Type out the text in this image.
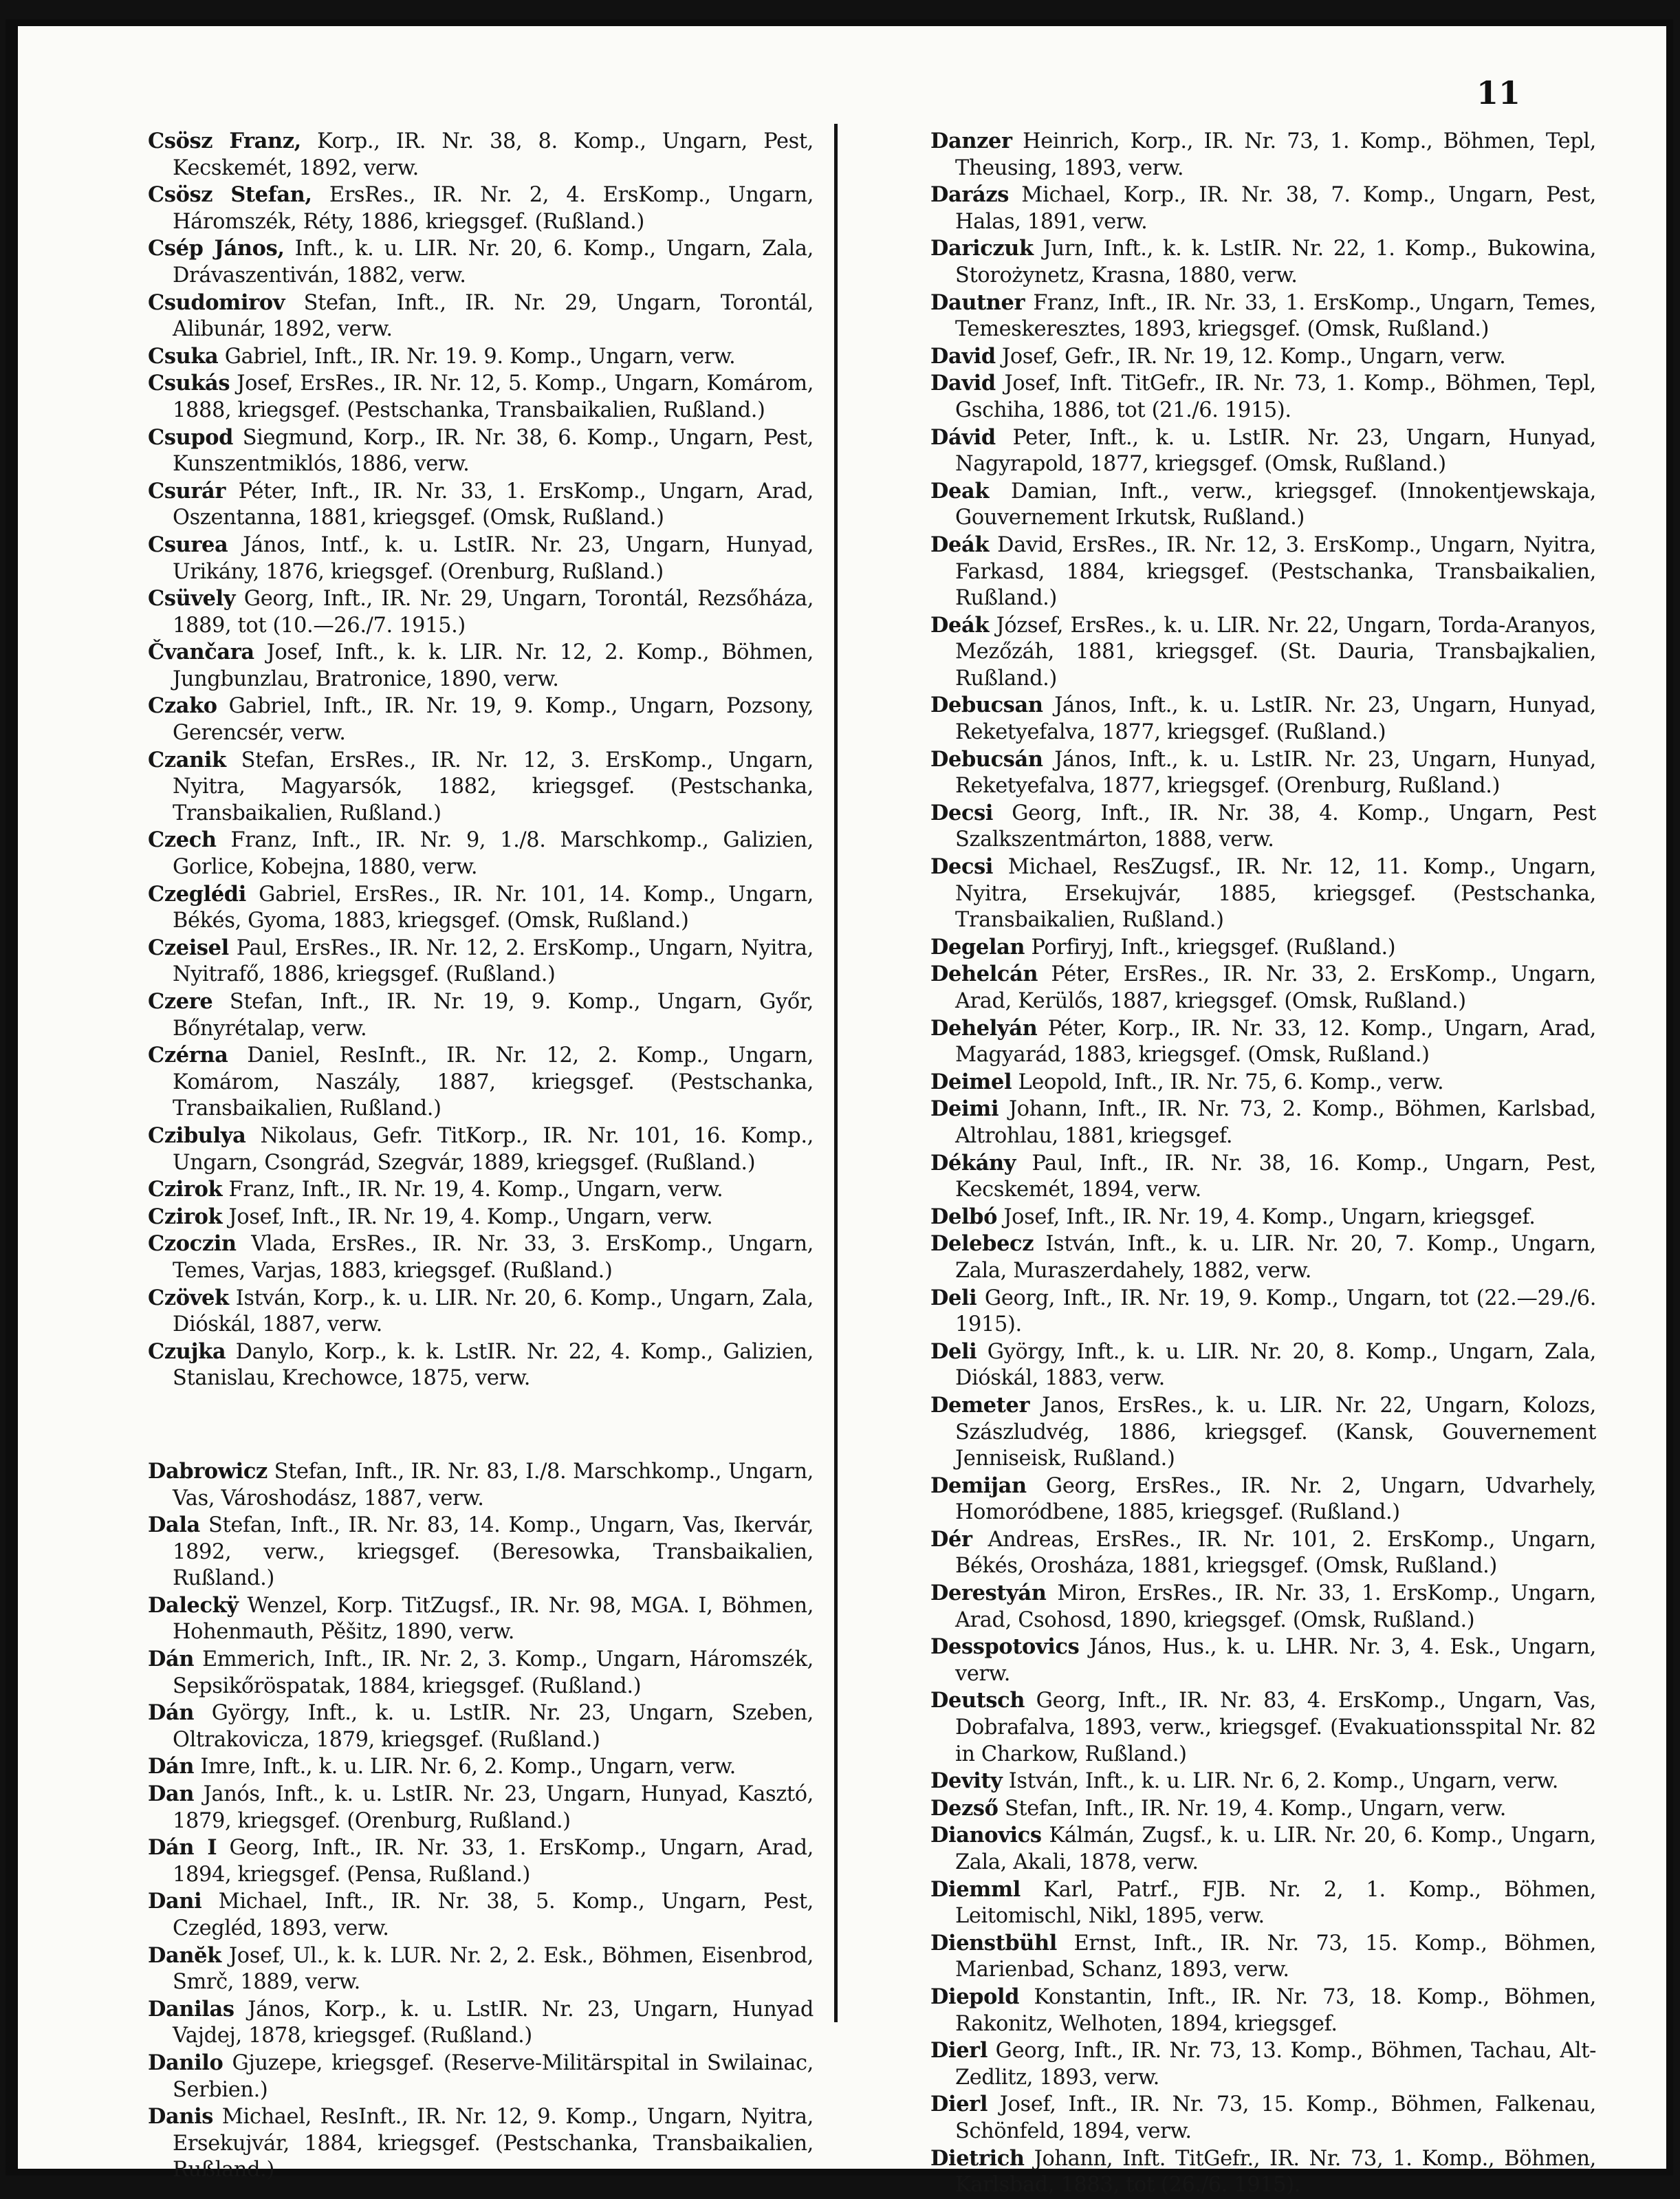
11

Csösz Franz, Korp., IR. Nr. 38, 8. Komp., Ungarn, Pest, Kecskemét, 1892, verw.

Csösz Stefan, ErsRes., IR. Nr. 2, 4. ErsKomp., Ungarn, Háromszék, Réty, 1886, kriegsgef. (Rußland.)

Csép János, Inft., k. u. LIR. Nr. 20, 6. Komp., Ungarn, Zala, Drávaszentiván, 1882, verw.

Csudomirov Stefan, Inft., IR. Nr. 29, Ungarn, Torontál, Alibunár, 1892, verw.

Csuka Gabriel, Inft., IR. Nr. 19. 9. Komp., Ungarn, verw.

Csukás Josef, ErsRes., IR. Nr. 12, 5. Komp., Ungarn, Komárom, 1888, kriegsgef. (Pestschanka, Transbaikalien, Rußland.)

Csupod Siegmund, Korp., IR. Nr. 38, 6. Komp., Ungarn, Pest, Kunszentmiklós, 1886, verw.

Csurár Péter, Inft., IR. Nr. 33, 1. ErsKomp., Ungarn, Arad, Oszentanna, 1881, kriegsgef. (Omsk, Rußland.)

Csurea János, Intf., k. u. LstIR. Nr. 23, Ungarn, Hunyad, Urikány, 1876, kriegsgef. (Orenburg, Rußland.)

Csüvely Georg, Inft., IR. Nr. 29, Ungarn, Torontál, Rezsőháza, 1889, tot (10.—26./7. 1915.)

Čvančara Josef, Inft., k. k. LIR. Nr. 12, 2. Komp., Böhmen, Jungbunzlau, Bratronice, 1890, verw.

Czako Gabriel, Inft., IR. Nr. 19, 9. Komp., Ungarn, Pozsony, Gerencsér, verw.

Czanik Stefan, ErsRes., IR. Nr. 12, 3. ErsKomp., Ungarn, Nyitra, Magyarsók, 1882, kriegsgef. (Pestschanka, Transbaikalien, Rußland.)

Czech Franz, Inft., IR. Nr. 9, 1./8. Marschkomp., Galizien, Gorlice, Kobejna, 1880, verw.

Czeglédi Gabriel, ErsRes., IR. Nr. 101, 14. Komp., Ungarn, Békés, Gyoma, 1883, kriegsgef. (Omsk, Rußland.)

Czeisel Paul, ErsRes., IR. Nr. 12, 2. ErsKomp., Ungarn, Nyitra, Nyitrafő, 1886, kriegsgef. (Rußland.)

Czere Stefan, Inft., IR. Nr. 19, 9. Komp., Ungarn, Győr, Bőnyrétalap, verw.

Czérna Daniel, ResInft., IR. Nr. 12, 2. Komp., Ungarn, Komárom, Naszály, 1887, kriegsgef. (Pestschanka, Transbaikalien, Rußland.)

Czibulya Nikolaus, Gefr. TitKorp., IR. Nr. 101, 16. Komp., Ungarn, Csongrád, Szegvár, 1889, kriegsgef. (Rußland.)

Czirok Franz, Inft., IR. Nr. 19, 4. Komp., Ungarn, verw.

Czirok Josef, Inft., IR. Nr. 19, 4. Komp., Ungarn, verw.

Czoczin Vlada, ErsRes., IR. Nr. 33, 3. ErsKomp., Ungarn, Temes, Varjas, 1883, kriegsgef. (Rußland.)

Czövek István, Korp., k. u. LIR. Nr. 20, 6. Komp., Ungarn, Zala, Dióskál, 1887, verw.

Czujka Danylo, Korp., k. k. LstIR. Nr. 22, 4. Komp., Galizien, Stanislau, Krechowce, 1875, verw.

Dabrowicz Stefan, Inft., IR. Nr. 83, I./8. Marschkomp., Ungarn, Vas, Városhodász, 1887, verw.

Dala Stefan, Inft., IR. Nr. 83, 14. Komp., Ungarn, Vas, Ikervár, 1892, verw., kriegsgef. (Beresowka, Transbaikalien, Rußland.)

Daleckÿ Wenzel, Korp. TitZugsf., IR. Nr. 98, MGA. I, Böhmen, Hohenmauth, Pěšitz, 1890, verw.

Dán Emmerich, Inft., IR. Nr. 2, 3. Komp., Ungarn, Háromszék, Sepsikőröspatak, 1884, kriegsgef. (Rußland.)

Dán György, Inft., k. u. LstIR. Nr. 23, Ungarn, Szeben, Oltrakovicza, 1879, kriegsgef. (Rußland.)

Dán Imre, Inft., k. u. LIR. Nr. 6, 2. Komp., Ungarn, verw.

Dan Janós, Inft., k. u. LstIR. Nr. 23, Ungarn, Hunyad, Kasztó, 1879, kriegsgef. (Orenburg, Rußland.)

Dán I Georg, Inft., IR. Nr. 33, 1. ErsKomp., Ungarn, Arad, 1894, kriegsgef. (Pensa, Rußland.)

Dani Michael, Inft., IR. Nr. 38, 5. Komp., Ungarn, Pest, Czegléd, 1893, verw.

Danĕk Josef, Ul., k. k. LUR. Nr. 2, 2. Esk., Böhmen, Eisenbrod, Smrč, 1889, verw.

Danilas János, Korp., k. u. LstIR. Nr. 23, Ungarn, Hunyad Vajdej, 1878, kriegsgef. (Rußland.)

Danilo Gjuzepe, kriegsgef. (Reserve-Militärspital in Swilainac, Serbien.)

Danis Michael, ResInft., IR. Nr. 12, 9. Komp., Ungarn, Nyitra, Ersekujvár, 1884, kriegsgef. (Pestschanka, Transbaikalien, Rußland.)

Danzer Heinrich, Korp., IR. Nr. 73, 1. Komp., Böhmen, Tepl, Theusing, 1893, verw.

Darázs Michael, Korp., IR. Nr. 38, 7. Komp., Ungarn, Pest, Halas, 1891, verw.

Dariczuk Jurn, Inft., k. k. LstIR. Nr. 22, 1. Komp., Bukowina, Storożynetz, Krasna, 1880, verw.

Dautner Franz, Inft., IR. Nr. 33, 1. ErsKomp., Ungarn, Temes, Temeskeresztes, 1893, kriegsgef. (Omsk, Rußland.)

David Josef, Gefr., IR. Nr. 19, 12. Komp., Ungarn, verw.

David Josef, Inft. TitGefr., IR. Nr. 73, 1. Komp., Böhmen, Tepl, Gschiha, 1886, tot (21./6. 1915).

Dávid Peter, Inft., k. u. LstIR. Nr. 23, Ungarn, Hunyad, Nagyrapold, 1877, kriegsgef. (Omsk, Rußland.)

Deak Damian, Inft., verw., kriegsgef. (Innokentjewskaja, Gouvernement Irkutsk, Rußland.)

Deák David, ErsRes., IR. Nr. 12, 3. ErsKomp., Ungarn, Nyitra, Farkasd, 1884, kriegsgef. (Pestschanka, Transbaikalien, Rußland.)

Deák József, ErsRes., k. u. LIR. Nr. 22, Ungarn, Torda-Aranyos, Mezőzáh, 1881, kriegsgef. (St. Dauria, Transbajkalien, Rußland.)

Debucsan János, Inft., k. u. LstIR. Nr. 23, Ungarn, Hunyad, Reketyefalva, 1877, kriegsgef. (Rußland.)

Debucsán János, Inft., k. u. LstIR. Nr. 23, Ungarn, Hunyad, Reketyefalva, 1877, kriegsgef. (Orenburg, Rußland.)

Decsi Georg, Inft., IR. Nr. 38, 4. Komp., Ungarn, Pest Szalkszentmárton, 1888, verw.

Decsi Michael, ResZugsf., IR. Nr. 12, 11. Komp., Ungarn, Nyitra, Ersekujvár, 1885, kriegsgef. (Pestschanka, Transbaikalien, Rußland.)

Degelan Porfiryj, Inft., kriegsgef. (Rußland.)

Dehelcán Péter, ErsRes., IR. Nr. 33, 2. ErsKomp., Ungarn, Arad, Kerülős, 1887, kriegsgef. (Omsk, Rußland.)

Dehelyán Péter, Korp., IR. Nr. 33, 12. Komp., Ungarn, Arad, Magyarád, 1883, kriegsgef. (Omsk, Rußland.)

Deimel Leopold, Inft., IR. Nr. 75, 6. Komp., verw.

Deimi Johann, Inft., IR. Nr. 73, 2. Komp., Böhmen, Karlsbad, Altrohlau, 1881, kriegsgef.

Dékány Paul, Inft., IR. Nr. 38, 16. Komp., Ungarn, Pest, Kecskemét, 1894, verw.

Delbó Josef, Inft., IR. Nr. 19, 4. Komp., Ungarn, kriegsgef.

Delebecz István, Inft., k. u. LIR. Nr. 20, 7. Komp., Ungarn, Zala, Muraszerdahely, 1882, verw.

Deli Georg, Inft., IR. Nr. 19, 9. Komp., Ungarn, tot (22.—29./6. 1915).

Deli György, Inft., k. u. LIR. Nr. 20, 8. Komp., Ungarn, Zala, Dióskál, 1883, verw.

Demeter Janos, ErsRes., k. u. LIR. Nr. 22, Ungarn, Kolozs, Szászludvég, 1886, kriegsgef. (Kansk, Gouvernement Jenniseisk, Rußland.)

Demijan Georg, ErsRes., IR. Nr. 2, Ungarn, Udvarhely, Homoródbene, 1885, kriegsgef. (Rußland.)

Dér Andreas, ErsRes., IR. Nr. 101, 2. ErsKomp., Ungarn, Békés, Orosháza, 1881, kriegsgef. (Omsk, Rußland.)

Derestyán Miron, ErsRes., IR. Nr. 33, 1. ErsKomp., Ungarn, Arad, Csohosd, 1890, kriegsgef. (Omsk, Rußland.)

Desspotovics János, Hus., k. u. LHR. Nr. 3, 4. Esk., Ungarn, verw.

Deutsch Georg, Inft., IR. Nr. 83, 4. ErsKomp., Ungarn, Vas, Dobrafalva, 1893, verw., kriegsgef. (Evakuationsspital Nr. 82 in Charkow, Rußland.)

Devity István, Inft., k. u. LIR. Nr. 6, 2. Komp., Ungarn, verw.

Dezső Stefan, Inft., IR. Nr. 19, 4. Komp., Ungarn, verw.

Dianovics Kálmán, Zugsf., k. u. LIR. Nr. 20, 6. Komp., Ungarn, Zala, Akali, 1878, verw.

Diemml Karl, Patrf., FJB. Nr. 2, 1. Komp., Böhmen, Leitomischl, Nikl, 1895, verw.

Dienstbühl Ernst, Inft., IR. Nr. 73, 15. Komp., Böhmen, Marienbad, Schanz, 1893, verw.

Diepold Konstantin, Inft., IR. Nr. 73, 18. Komp., Böhmen, Rakonitz, Welhoten, 1894, kriegsgef.

Dierl Georg, Inft., IR. Nr. 73, 13. Komp., Böhmen, Tachau, Alt-Zedlitz, 1893, verw.

Dierl Josef, Inft., IR. Nr. 73, 15. Komp., Böhmen, Falkenau, Schönfeld, 1894, verw.

Dietrich Johann, Inft. TitGefr., IR. Nr. 73, 1. Komp., Böhmen, Karlsbad, 1883, tot (26./6. 1915).
